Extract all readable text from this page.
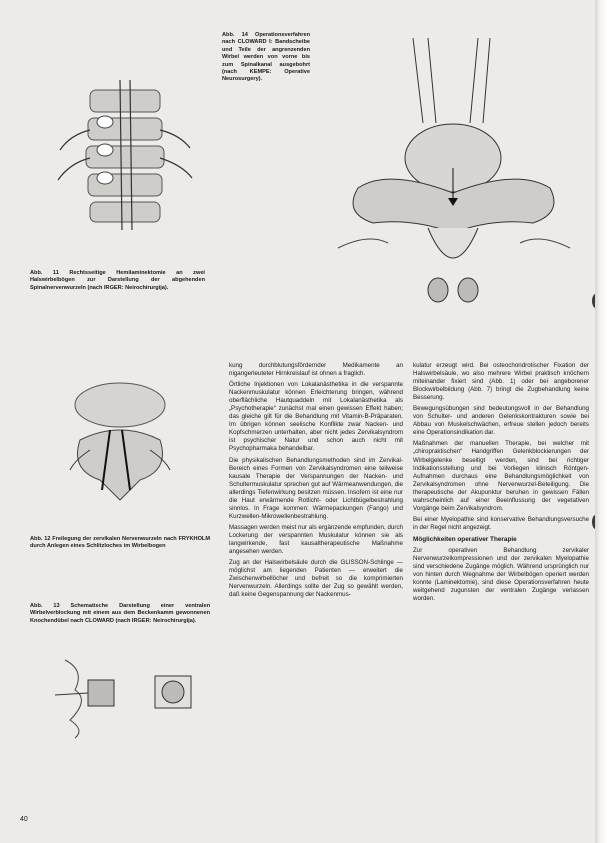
Abb. 11 Rechtsseitige Hemilaminektomie an zwei Halswirbelbögen zur Darstellung der abgehenden Spinalnervenwurzeln (nach IRGER: Neirochirurgija).
Abb. 14 Operationsverfahren nach CLOWARD I: Bandscheibe und Teile der angrenzenden Wirbel werden von vorne bis zum Spinalkanal ausgebohrt (nach KEMPE: Operative Neurosurgery).
Abb. 12 Freilegung der zervikalen Nervenwurzeln nach FRYKHOLM durch Anlegen eines Schlitzloches im Wirbelbogen
Abb. 13 Schematische Darstellung einer ventralen Wirbelverblockung mit einem aus dem Beckenkamm gewonnenen Knochendübel nach CLOWARD (nach IRGER: Neirochirurgija).

kung durchblutungsfördernder Medikamente an nigangerleuteter Hirnkreislauf ist ohnen a fraglich.

Örtliche Injektionen von Lokalanästhetika in die verspannte Nackenmuskulatur können Erleichterung bringen, während oberflächliche Hautquaddeln mit Lokalanästhetika als „Psychotherapie“ zunächst mal einen gewissen Effekt haben; das gleiche gilt für die Behandlung mit Vitamin-B-Präparaten. Im übrigen können seelische Konflikte zwar Nacken- und Kopfschmerzen unterhalten, aber nicht jedes Zervikalsyndrom ist psychischer Natur und schon auch nicht mit Psychopharmaka behandelbar.

Die physikalischen Behandlungsmethoden sind im Zervikal-Bereich eines Formen von Zervikalsyndromen eine teilweise kausale Therapie der Verspannungen der Nacken- und Schultermuskulatur sprechen gut auf Wärmeanwendungen, die allerdings Tiefenwirkung besitzen müssen. Insofern ist eine nur die Haut erwärmende Rotlicht- oder Lichtbügelbestrahlung sinnlos. In Frage kommen: Wärmepackungen (Fango) und Kurzwellen-Mikrowellenbestrahlung.

Massagen werden meist nur als ergänzende empfunden, durch Lockerung der verspannten Muskulatur können sie als langwirkende, fast kausaltherapeutische Maßnahme angesehen werden.

Zug an der Halswirbelsäule durch die GLISSON-Schlinge — möglichst am liegenden Patienten — erweitert die Zwischenwirbellöcher und befreit so die komprimierten Nervenwurzeln. Allerdings sollte der Zug so gewählt werden, daß keine Gegenspannung der Nackenmus-

kulatur erzeugt wird. Bei osteochondrotischer Fixation der Halswirbelsäule, wo also mehrere Wirbel praktisch knöchern miteinander fixiert sind (Abb. 1) oder bei angeborener Blockwirbelbildung (Abb. 7) bringt die Zugbehandlung keine Besserung.

Bewegungsübungen sind bedeutungsvoll in der Behandlung von Schulter- und anderen Gelenkskontrakturen sowie bei Abbau von Muskelschwächen, erfreue stellen jedoch bereits eine Operationsindikation dar.

Maßnahmen der manuellen Therapie, bei welcher mit „chiropraktischen“ Handgriffen Gelenkblockierungen der Wirbelgelenke beseitigt werden, sind bei richtiger Indikationsstellung und bei Vorliegen klinisch Röntgen-Aufnahmen durchaus eine Behandlungsmöglichkeit von Zervikalsyndromen ohne Nervenwurzel-Beteiligung. Die therapeutische der Akupunktur beruhen in gewissen Fällen wahrscheinlich auf einer Beeinflussung der vegetativen Vorgänge beim Zervikalsyndrom.

Bei einer Myelopathie sind konservative Behandlungsversuche in der Regel nicht angezeigt.

Möglichkeiten operativer Therapie

Zur operativen Behandlung zervikaler Nervenwurzelkompressionen und der zervikalen Myelopathie sind verschiedene Zugänge möglich. Während ursprünglich nur von hinten durch Wegnahme der Wirbelbögen operiert werden konnte (Laminektomie), sind diese Operationsverfahren heute weitgehend zugunsten der ventralen Zugänge verlassen worden.

40
